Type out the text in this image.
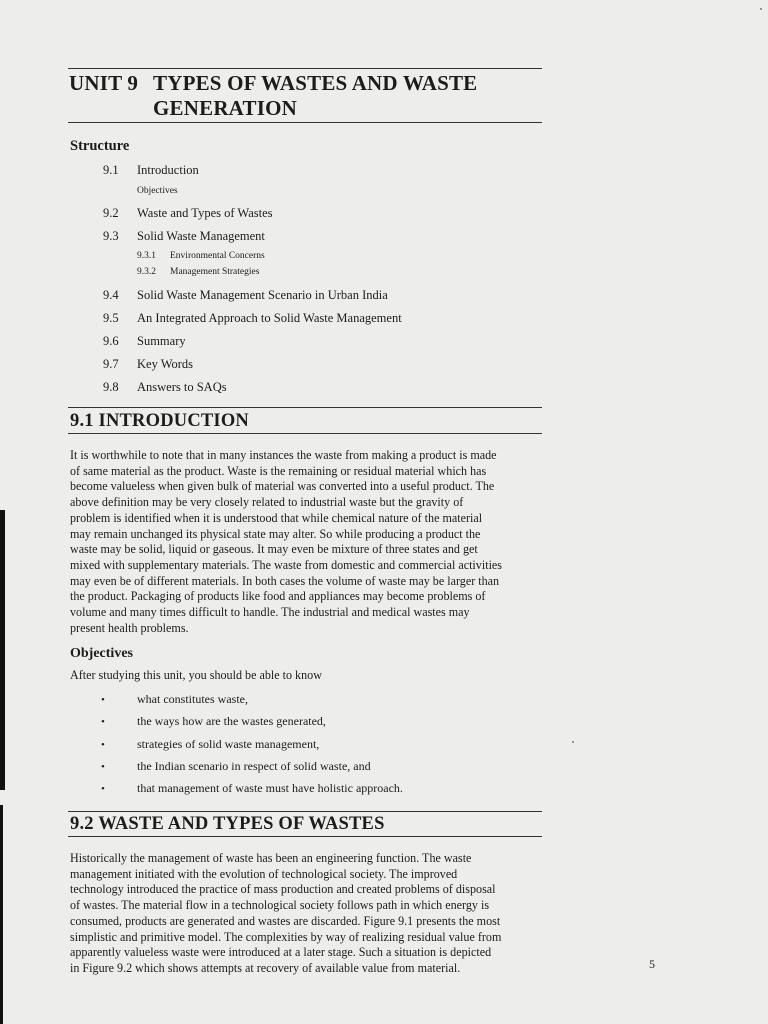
UNIT 9 TYPES OF WASTES AND WASTE
GENERATION
Structure
9.1 Introduction
Objectives
9.2 Waste and Types of Wastes
9.3 Solid Waste Management
9.3.1 Environmental Concerns
9.3.2 Management Strategies
9.4 Solid Waste Management Scenario in Urban India
9.5 An Integrated Approach to Solid Waste Management
9.6 Summary
9.7 Key Words
9.8 Answers to SAQs
9.1 INTRODUCTION
It is worthwhile to note that in many instances the waste from making a product is made
of same material as the product. Waste is the remaining or residual material which has
become valueless when given bulk of material was converted into a useful product. The
above definition may be very closely related to industrial waste but the gravity of
problem is identified when it is understood that while chemical nature of the material
may remain unchanged its physical state may alter. So while producing a product the
waste may be solid, liquid or gaseous. It may even be mixture of three states and get
mixed with supplementary materials. The waste from domestic and commercial activities
may even be of different materials. In both cases the volume of waste may be larger than
the product. Packaging of products like food and appliances may become problems of
volume and many times difficult to handle. The industrial and medical wastes may
present health problems.
Objectives
After studying this unit, you should be able to know
•	what constitutes waste,
•	the ways how are the wastes generated,
•	strategies of solid waste management,
•	the Indian scenario in respect of solid waste, and
•	that management of waste must have holistic approach.
9.2 WASTE AND TYPES OF WASTES
Historically the management of waste has been an engineering function. The waste
management initiated with the evolution of technological society. The improved
technology introduced the practice of mass production and created problems of disposal
of wastes. The material flow in a technological society follows path in which energy is
consumed, products are generated and wastes are discarded. Figure 9.1 presents the most
simplistic and primitive model. The complexities by way of realizing residual value from
apparently valueless waste were introduced at a later stage. Such a situation is depicted
in Figure 9.2 which shows attempts at recovery of available value from material.	5
